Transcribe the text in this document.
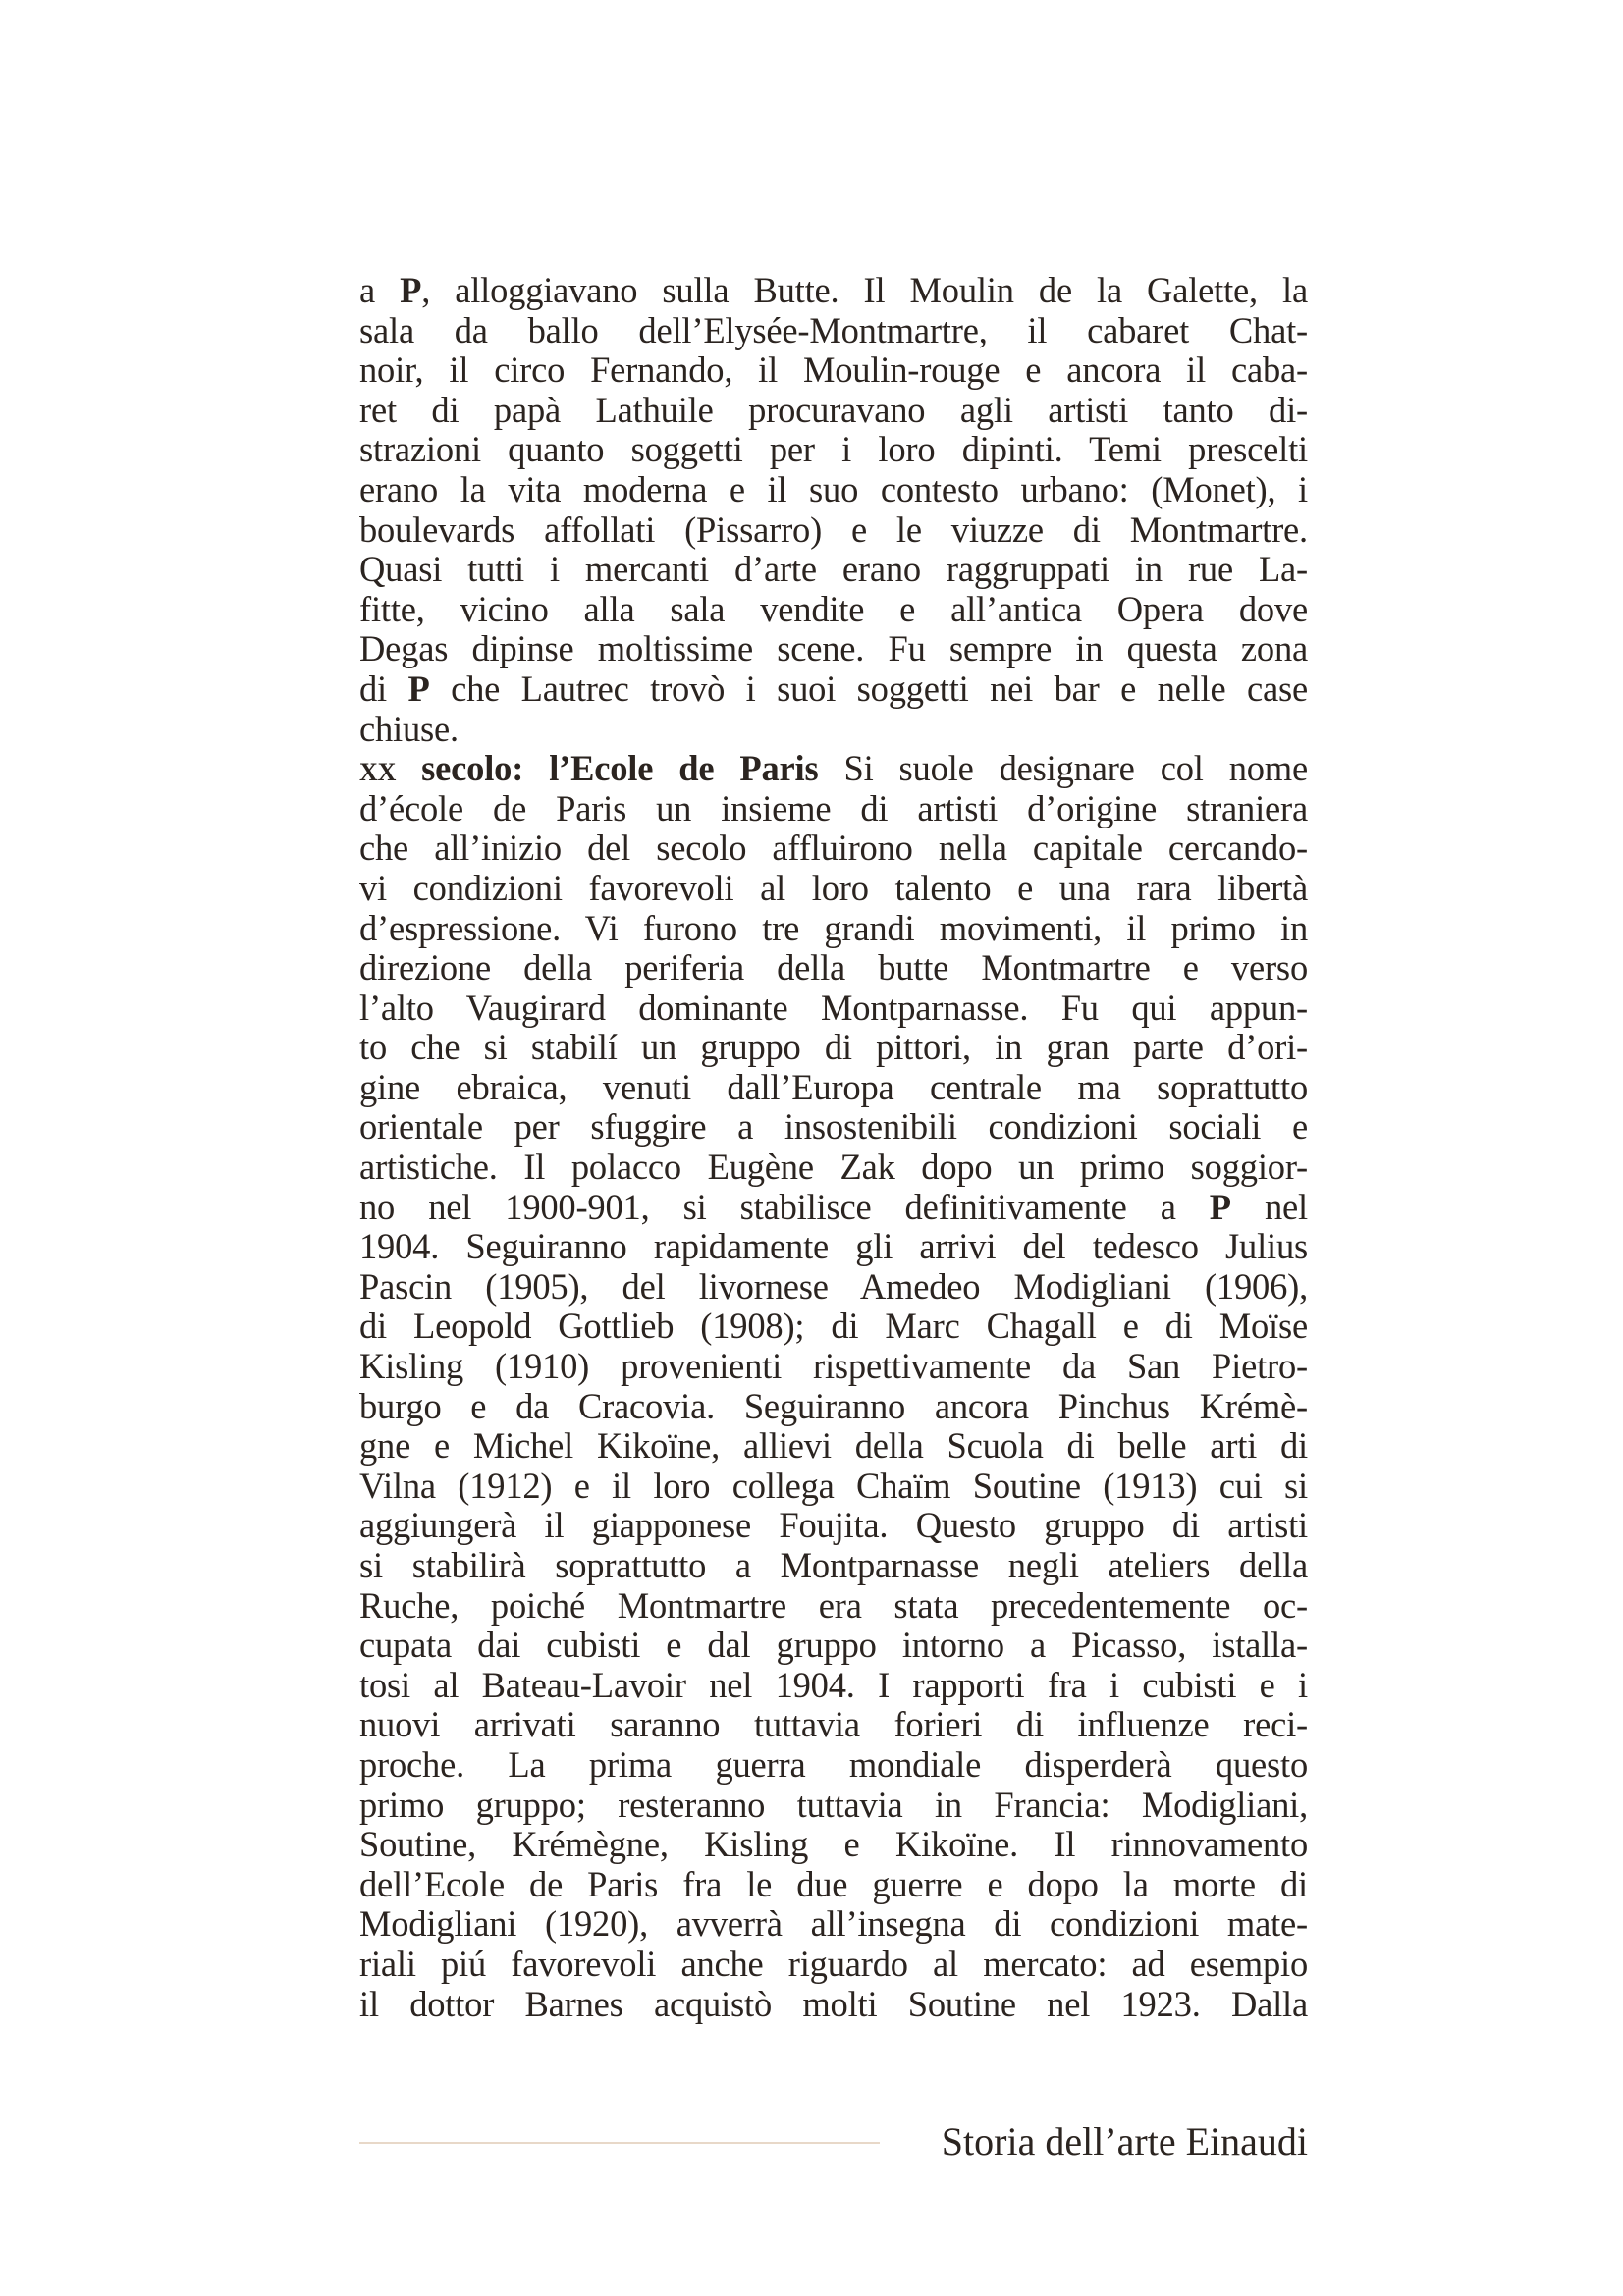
a P, alloggiavano sulla Butte. Il Moulin de la Galette, la
sala da ballo dell’Elysée-Montmartre, il cabaret Chat-
noir, il circo Fernando, il Moulin-rouge e ancora il caba-
ret di papà Lathuile procuravano agli artisti tanto di-
strazioni quanto soggetti per i loro dipinti. Temi prescelti
erano la vita moderna e il suo contesto urbano: (Monet), i
boulevards affollati (Pissarro) e le viuzze di Montmartre.
Quasi tutti i mercanti d’arte erano raggruppati in rue La-
fitte, vicino alla sala vendite e all’antica Opera dove
Degas dipinse moltissime scene. Fu sempre in questa zona
di P che Lautrec trovò i suoi soggetti nei bar e nelle case
chiuse.
xx secolo: l’Ecole de Paris Si suole designare col nome
d’école de Paris un insieme di artisti d’origine straniera
che all’inizio del secolo affluirono nella capitale cercando-
vi condizioni favorevoli al loro talento e una rara libertà
d’espressione. Vi furono tre grandi movimenti, il primo in
direzione della periferia della butte Montmartre e verso
l’alto Vaugirard dominante Montparnasse. Fu qui appun-
to che si stabilí un gruppo di pittori, in gran parte d’ori-
gine ebraica, venuti dall’Europa centrale ma soprattutto
orientale per sfuggire a insostenibili condizioni sociali e
artistiche. Il polacco Eugène Zak dopo un primo soggior-
no nel 1900-901, si stabilisce definitivamente a P nel
1904. Seguiranno rapidamente gli arrivi del tedesco Julius
Pascin (1905), del livornese Amedeo Modigliani (1906),
di Leopold Gottlieb (1908); di Marc Chagall e di Moïse
Kisling (1910) provenienti rispettivamente da San Pietro-
burgo e da Cracovia. Seguiranno ancora Pinchus Krémè-
gne e Michel Kikoïne, allievi della Scuola di belle arti di
Vilna (1912) e il loro collega Chaïm Soutine (1913) cui si
aggiungerà il giapponese Foujita. Questo gruppo di artisti
si stabilirà soprattutto a Montparnasse negli ateliers della
Ruche, poiché Montmartre era stata precedentemente oc-
cupata dai cubisti e dal gruppo intorno a Picasso, istalla-
tosi al Bateau-Lavoir nel 1904. I rapporti fra i cubisti e i
nuovi arrivati saranno tuttavia forieri di influenze reci-
proche. La prima guerra mondiale disperderà questo
primo gruppo; resteranno tuttavia in Francia: Modigliani,
Soutine, Krémègne, Kisling e Kikoïne. Il rinnovamento
dell’Ecole de Paris fra le due guerre e dopo la morte di
Modigliani (1920), avverrà all’insegna di condizioni mate-
riali piú favorevoli anche riguardo al mercato: ad esempio
il dottor Barnes acquistò molti Soutine nel 1923. Dalla
Storia dell’arte Einaudi
